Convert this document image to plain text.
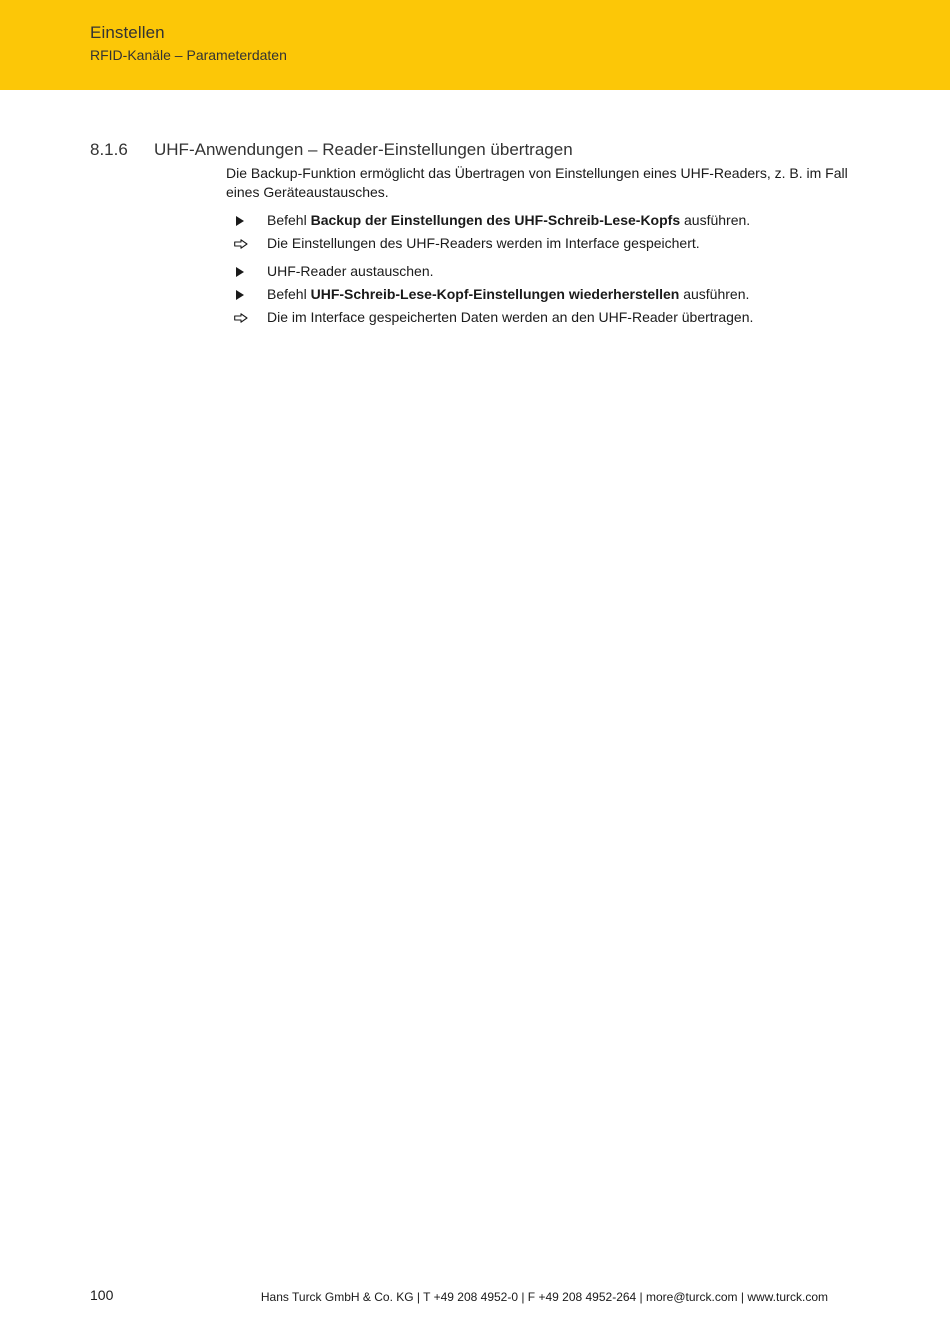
Einstellen
RFID-Kanäle – Parameterdaten
8.1.6 UHF-Anwendungen – Reader-Einstellungen übertragen
Die Backup-Funktion ermöglicht das Übertragen von Einstellungen eines UHF-Readers, z. B. im Fall eines Geräteaustausches.
Befehl Backup der Einstellungen des UHF-Schreib-Lese-Kopfs ausführen.
Die Einstellungen des UHF-Readers werden im Interface gespeichert.
UHF-Reader austauschen.
Befehl UHF-Schreib-Lese-Kopf-Einstellungen wiederherstellen ausführen.
Die im Interface gespeicherten Daten werden an den UHF-Reader übertragen.
100	Hans Turck GmbH & Co. KG | T +49 208 4952-0 | F +49 208 4952-264 | more@turck.com | www.turck.com
